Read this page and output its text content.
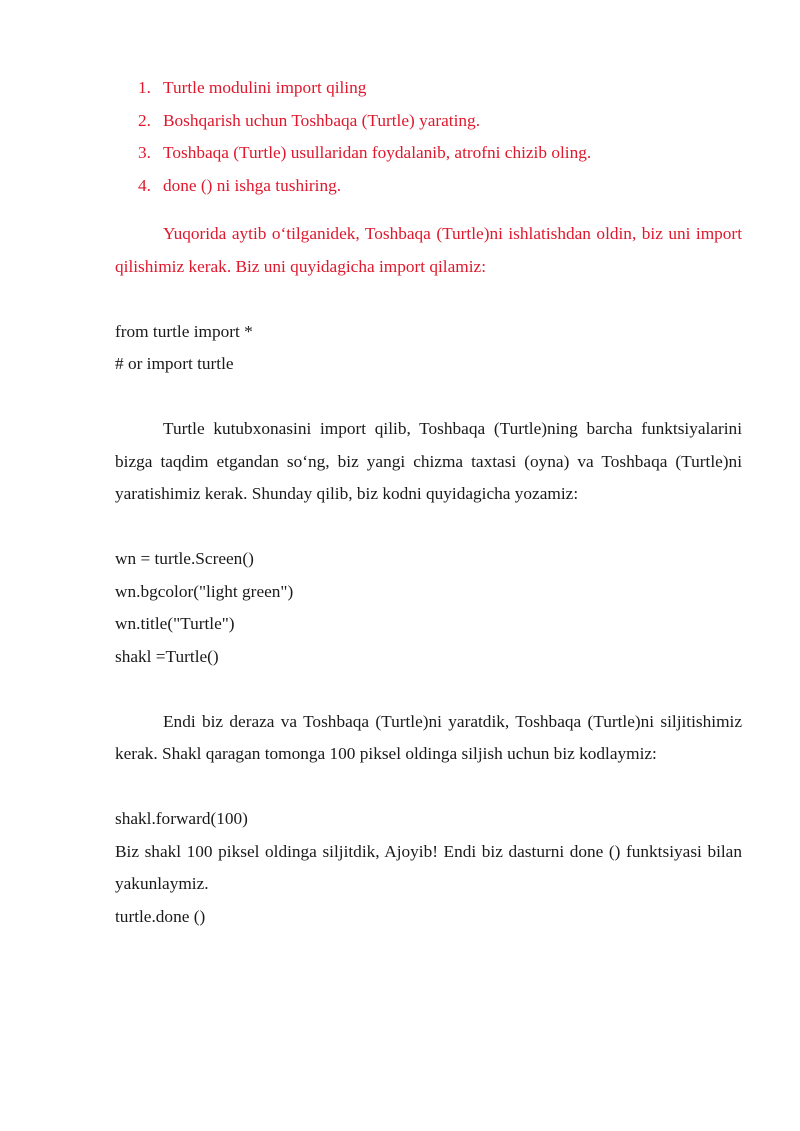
1. Turtle modulini import qiling
2. Boshqarish uchun Toshbaqa (Turtle) yarating.
3. Toshbaqa (Turtle) usullaridan foydalanib, atrofni chizib oling.
4. done () ni ishga tushiring.

Yuqorida aytib o‘tilganidek, Toshbaqa (Turtle)ni ishlatishdan oldin, biz uni import qilishimiz kerak. Biz uni quyidagicha import qilamiz:

from turtle import *

# or import turtle

Turtle kutubxonasini import qilib, Toshbaqa (Turtle)ning barcha funktsiyalarini bizga taqdim etgandan so‘ng, biz yangi chizma taxtasi (oyna) va Toshbaqa (Turtle)ni yaratishimiz kerak. Shunday qilib, biz kodni quyidagicha yozamiz:

wn = turtle.Screen()

wn.bgcolor("light green")

wn.title("Turtle")

shakl =Turtle()

Endi biz deraza va Toshbaqa (Turtle)ni yaratdik, Toshbaqa (Turtle)ni siljitishimiz kerak. Shakl qaragan tomonga 100 piksel oldinga siljish uchun biz kodlaymiz:

shakl.forward(100)

Biz shakl 100 piksel oldinga siljitdik, Ajoyib! Endi biz dasturni done () funktsiyasi bilan yakunlaymiz.

turtle.done ()
